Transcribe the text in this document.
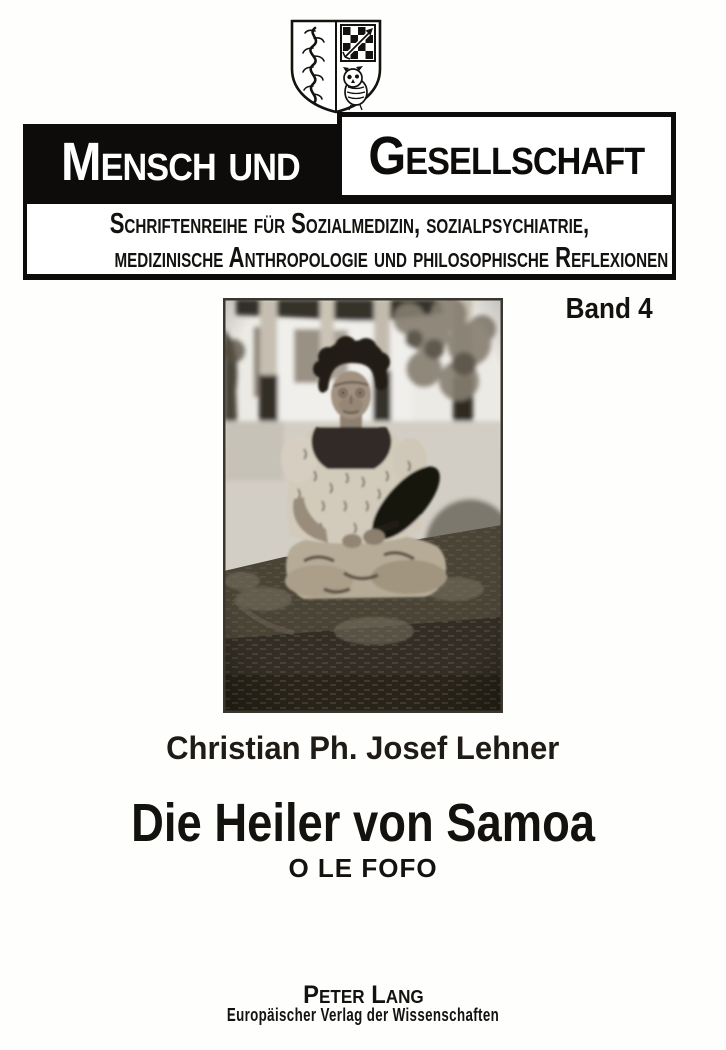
Mensch und Gesellschaft
Schriftenreihe für Sozialmedizin, sozialpsychiatrie,
medizinische Anthropologie und philosophische Reflexionen
Band 4
Christian Ph. Josef Lehner
Die Heiler von Samoa
O LE FOFO
Peter Lang
Europäischer Verlag der Wissenschaften
